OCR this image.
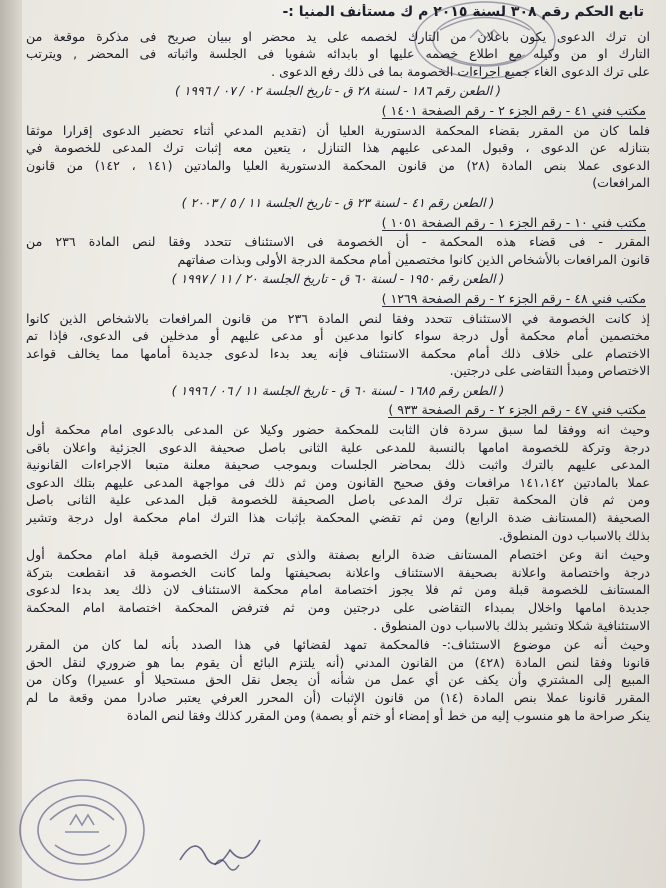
تابع الحكم رقم ٣٠٨ لسنة ٢٠١٥ م ك مستأنف المنيا :-
ان ترك الدعوى يكون باعلان من التارك لخصمه على يد محضر او ببيان صريح فى مذكرة موقعة من
التارك او من وكيله مع اطلاع خصمه عليها او بابدائه شفويا فى الجلسة واثباته فى المحضر , ويترتب
على ترك الدعوى الغاء جميع اجراءات الخصومة بما فى ذلك رفع الدعوى .
( الطعن رقم ١٨٦ - لسنة ٢٨ ق - تاريخ الجلسة ٠٢ / ٠٧ / ١٩٩٦ )
مكتب فني ٤١ - رقم الجزء ٢ - رقم الصفحة ١٤٠١ )
فلما كان من المقرر بقضاء المحكمة الدستورية العليا أن (تقديم المدعي أثناء تحضير الدعوى إقرارا موثقا
بتنازله عن الدعوى ، وقبول المدعى عليهم هذا التنازل ، يتعين معه إثبات ترك المدعى للخصومة في
الدعوى عملا بنص المادة (٢٨) من قانون المحكمة الدستورية العليا والمادتين (١٤١ ، ١٤٢) من قانون
المرافعات)
( الطعن رقم ٤١ - لسنة ٢٣ ق - تاريخ الجلسة ١١ / ٥ / ٢٠٠٣ )
مكتب فني ١٠ - رقم الجزء ١ - رقم الصفحة ١٠٥١ )
المقرر - فى قضاء هذه المحكمة - أن الخصومة فى الاستئناف تتحدد وفقا لنص المادة ٢٣٦ من
قانون المرافعات بالأشخاص الذين كانوا مختصمين أمام محكمة الدرجة الأولى وبذات صفاتهم
( الطعن رقم ١٩٥٠ - لسنة ٦٠ ق - تاريخ الجلسة ٢٠ / ١١ / ١٩٩٧ )
مكتب فني ٤٨ - رقم الجزء ٢ - رقم الصفحة ١٢٦٩ )
إذ كانت الخصومة في الاستئناف تتحدد وفقا لنص المادة ٢٣٦ من قانون المرافعات بالاشخاص الذين كانوا
مختصمين أمام محكمة أول درجة سواء كانوا مدعين أو مدعى عليهم أو مدخلين فى الدعوى، فإذا تم
الاختصام على خلاف ذلك أمام محكمة الاستئناف فإنه يعد بدءا لدعوى جديدة أمامها مما يخالف قواعد
الاختصاص ومبدأ التقاضى على درجتين.
( الطعن رقم ١٦٨٥ - لسنة ٦٠ ق - تاريخ الجلسة ١١ / ٠٦ / ١٩٩٦ )
مكتب فني ٤٧ - رقم الجزء ٢ - رقم الصفحة ٩٣٣ )
وحيث انه ووفقا لما سبق سردة فان الثابت للمحكمة حضور وكيلا عن المدعى بالدعوى امام محكمة أول
درجة وتركة للخصومة امامها بالنسبة للمدعى علية الثانى باصل صحيفة الدعوى الجزئية واعلان باقى
المدعى عليهم بالترك واثبت ذلك بمحاضر الجلسات وبموجب صحيفة معلنة متبعا الاجراءات القانونية
عملا بالمادتين ١٤١،١٤٢ مرافعات وفق صحيح القانون ومن ثم ذلك فى مواجهة المدعى عليهم بتلك الدعوى
ومن ثم فان المحكمة تقبل ترك المدعى باصل الصحيفة للخصومة قبل المدعى علية الثانى باصل
الصحيفة (المستانف ضدة الرابع) ومن ثم تقضي المحكمة بإثبات هذا الترك امام محكمة اول درجة وتشير
بذلك بالاسباب دون المنطوق.
وحيث انة وعن اختصام المستانف ضدة الرابع بصفتة والذى تم ترك الخصومة قبلة امام محكمة أول
درجة واختصامة واعلانة بصحيفة الاستئناف واعلانة بصحيفتها ولما كانت الخصومة قد انقطعت بتركة
المستانف للخصومة قبلة ومن ثم فلا يجوز اختصامة امام محكمة الاستئناف لان ذلك يعد بدءا لدعوى
جديدة امامها واخلال بمبداء التقاضى على درجتين ومن ثم فترفض المحكمة اختصامة امام المحكمة
الاستئنافية شكلا وتشير بذلك بالاسباب دون المنطوق .
وحيث أنه عن موضوع الاستئناف:- فالمحكمة تمهد لقضائها في هذا الصدد بأنه لما كان من المقرر
قانونا وفقا لنص المادة (٤٢٨) من القانون المدني (أنه يلتزم البائع أن يقوم بما هو ضروري لنقل الحق
المبيع إلى المشتري وأن يكف عن أي عمل من شأنه أن يجعل نقل الحق مستحيلا أو عسيرا) وكان من
المقرر قانونا عملا بنص المادة (١٤) من قانون الإثبات (أن المحرر العرفي يعتبر صادرا ممن وقعة ما لم
ينكر صراحة ما هو منسوب إليه من خط أو إمضاء أو ختم أو بصمة) ومن المقرر كذلك وفقا لنص المادة
